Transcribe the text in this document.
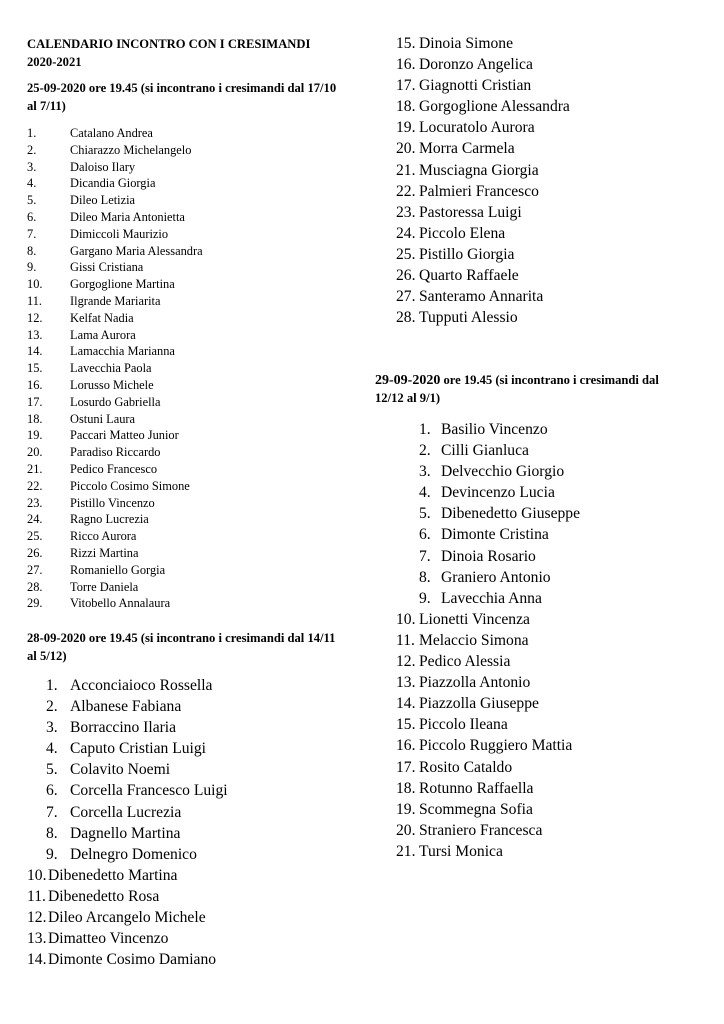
CALENDARIO INCONTRO CON I CRESIMANDI 2020-2021
25-09-2020 ore 19.45 (si incontrano i cresimandi dal 17/10 al 7/11)
1.	Catalano Andrea
2.	Chiarazzo Michelangelo
3.	Daloiso Ilary
4.	Dicandia Giorgia
5.	Dileo Letizia
6.	Dileo Maria Antonietta
7.	Dimiccoli Maurizio
8.	Gargano Maria Alessandra
9.	Gissi Cristiana
10. Gorgoglione Martina
11. Ilgrande Mariarita
12. Kelfat Nadia
13. Lama Aurora
14. Lamacchia Marianna
15. Lavecchia Paola
16. Lorusso Michele
17. Losurdo Gabriella
18. Ostuni Laura
19. Paccari Matteo Junior
20. Paradiso Riccardo
21. Pedico Francesco
22. Piccolo Cosimo Simone
23. Pistillo Vincenzo
24. Ragno Lucrezia
25. Ricco Aurora
26. Rizzi Martina
27. Romaniello Gorgia
28. Torre Daniela
29. Vitobello Annalaura
28-09-2020 ore 19.45 (si incontrano i cresimandi dal 14/11 al 5/12)
1. Acconciaioco Rossella
2. Albanese Fabiana
3. Borraccino Ilaria
4. Caputo Cristian Luigi
5. Colavito Noemi
6. Corcella Francesco Luigi
7. Corcella Lucrezia
8. Dagnello Martina
9. Delnegro Domenico
10. Dibenedetto Martina
11. Dibenedetto Rosa
12. Dileo Arcangelo Michele
13. Dimatteo Vincenzo
14. Dimonte Cosimo Damiano
15. Dinoia Simone
16. Doronzo Angelica
17. Giagnotti Cristian
18. Gorgoglione Alessandra
19. Locuratolo Aurora
20. Morra Carmela
21. Musciagna Giorgia
22. Palmieri Francesco
23. Pastoressa Luigi
24. Piccolo Elena
25. Pistillo Giorgia
26. Quarto Raffaele
27. Santeramo Annarita
28. Tupputi Alessio
29-09-2020 ore 19.45 (si incontrano i cresimandi dal 12/12 al 9/1)
1. Basilio Vincenzo
2. Cilli Gianluca
3. Delvecchio Giorgio
4. Devincenzo Lucia
5. Dibenedetto Giuseppe
6. Dimonte Cristina
7. Dinoia Rosario
8. Graniero Antonio
9. Lavecchia Anna
10. Lionetti Vincenza
11. Melaccio Simona
12. Pedico Alessia
13. Piazzolla Antonio
14. Piazzolla Giuseppe
15. Piccolo Ileana
16. Piccolo Ruggiero Mattia
17. Rosito Cataldo
18. Rotunno Raffaella
19. Scommegna Sofia
20. Straniero Francesca
21. Tursi Monica
